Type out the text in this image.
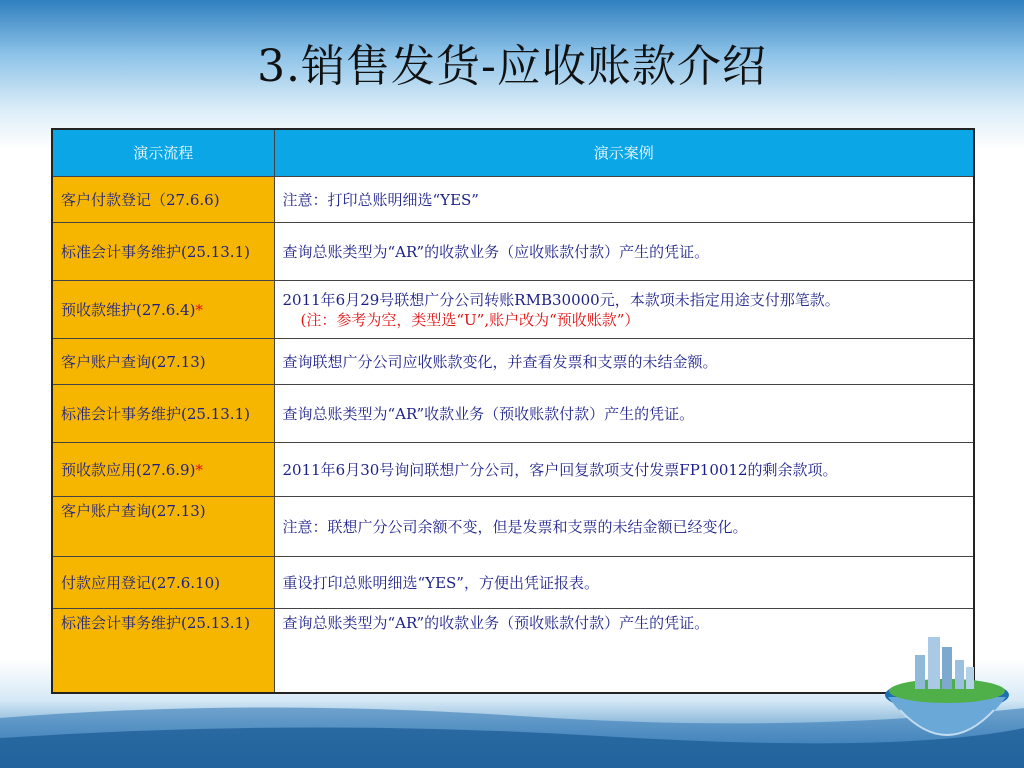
3.销售发货-应收账款介绍
演示流程	演示案例
客户付款登记（27.6.6)	注意：打印总账明细选“YES”
标准会计事务维护(25.13.1)	查询总账类型为“AR”的收款业务（应收账款付款）产生的凭证。
预收款维护(27.6.4)*	2011年6月29号联想广分公司转账RMB30000元，本款项未指定用途支付那笔款。
(注：参考为空，类型选“U”,账户改为“预收账款”）

客户账户查询(27.13)	查询联想广分公司应收账款变化，并查看发票和支票的未结金额。
标准会计事务维护(25.13.1)	查询总账类型为“AR”收款业务（预收账款付款）产生的凭证。
预收款应用(27.6.9)*	2011年6月30号询问联想广分公司，客户回复款项支付发票FP10012的剩余款项。
客户账户查询(27.13)	注意：联想广分公司余额不变，但是发票和支票的未结金额已经变化。
付款应用登记(27.6.10)	重设打印总账明细选“YES”，方便出凭证报表。
标准会计事务维护(25.13.1)	查询总账类型为“AR”的收款业务（预收账款付款）产生的凭证。
